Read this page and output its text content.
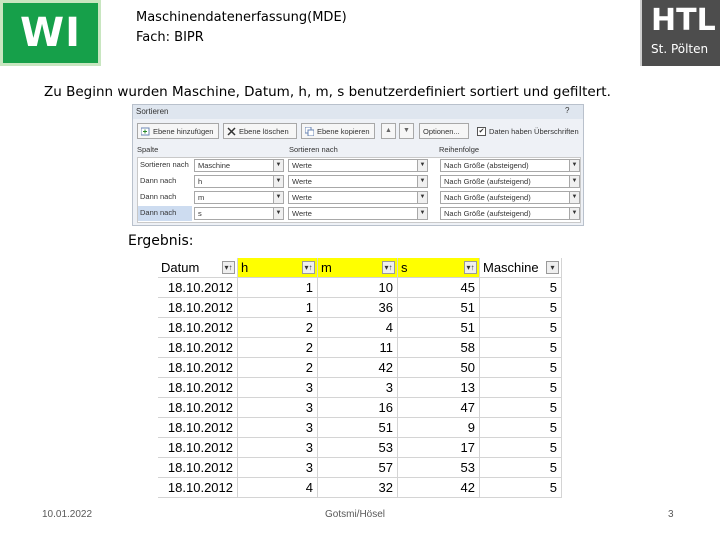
WI	Maschinendatenerfassung(MDE)
Fach: BIPR	HTL
St. Pölten
Zu Beginn wurden Maschine, Datum, h, m, s benutzerdefiniert sortiert und gefiltert.
Sortieren	?
Ebene hinzufügen	Ebene löschen	Ebene kopieren	▲	▼	Optionen...	✔ Daten haben Überschriften
Spalte	Sortieren nach	Reihenfolge
Sortieren nach	Maschine	▼	Werte	▼	Nach Größe (absteigend)	▼
Dann nach	h	▼	Werte	▼	Nach Größe (aufsteigend)	▼
Dann nach	m	▼	Werte	▼	Nach Größe (aufsteigend)	▼
Dann nach	s	▼	Werte	▼	Nach Größe (aufsteigend)	▼
Ergebnis:
Datum	▾↑ h	▾↑ m	▾↑ s	▾↑ Maschine	▾
18.10.2012	1	10	45	5
18.10.2012	1	36	51	5
18.10.2012	2	4	51	5
18.10.2012	2	11	58	5
18.10.2012	2	42	50	5
18.10.2012	3	3	13	5
18.10.2012	3	16	47	5
18.10.2012	3	51	9	5
18.10.2012	3	53	17	5
18.10.2012	3	57	53	5
18.10.2012	4	32	42	5
10.01.2022	Gotsmi/Hösel	3
